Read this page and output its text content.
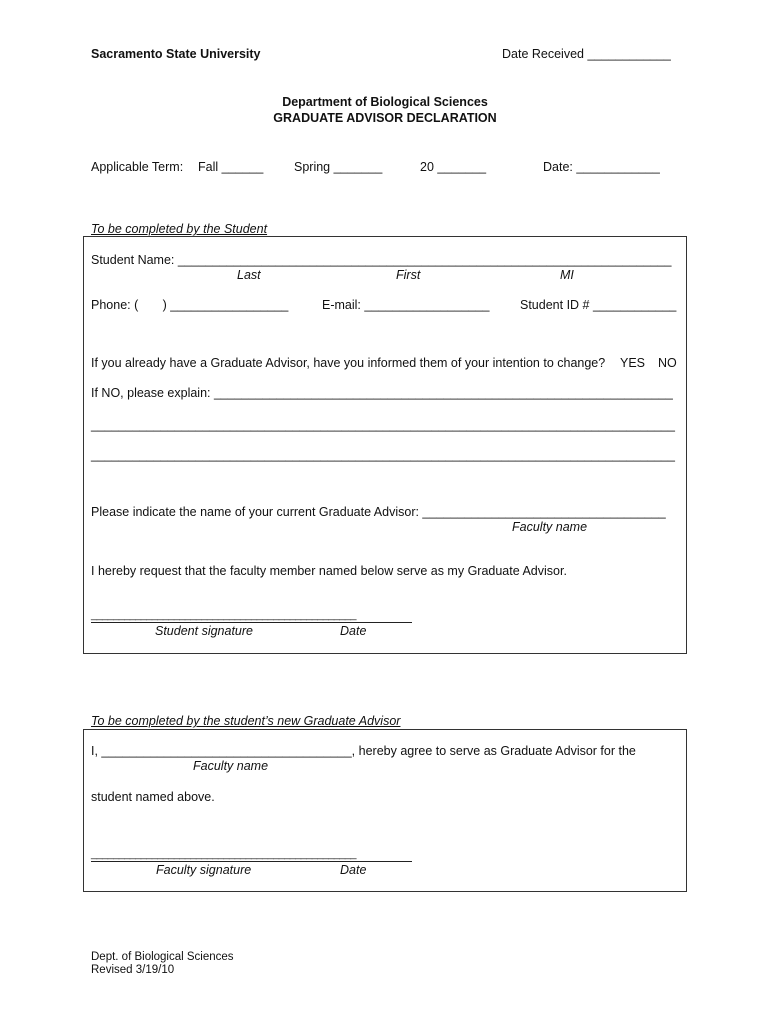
Sacramento State University	Date Received ____________
Department of Biological Sciences
GRADUATE ADVISOR DECLARATION
Applicable Term: Fall ______ Spring _______	20 _______	Date: ____________
To be completed by the Student
Student Name: _______________________________________________________________________
Last	First	MI
Phone: (       ) _________________	E-mail: __________________ Student ID # ____________
If you already have a Graduate Advisor, have you informed them of your intention to change? YES NO
If NO, please explain: __________________________________________________________________
____________________________________________________________________________________
____________________________________________________________________________________
Please indicate the name of your current Graduate Advisor: ___________________________________
Faculty name
I hereby request that the faculty member named below serve as my Graduate Advisor.
Student signature	Date
To be completed by the student’s new Graduate Advisor
I, ____________________________________, hereby agree to serve as Graduate Advisor for the
Faculty name
student named above.
Faculty signature	Date
Dept. of Biological Sciences
Revised 3/19/10
________________________________________________
________________________________________________
